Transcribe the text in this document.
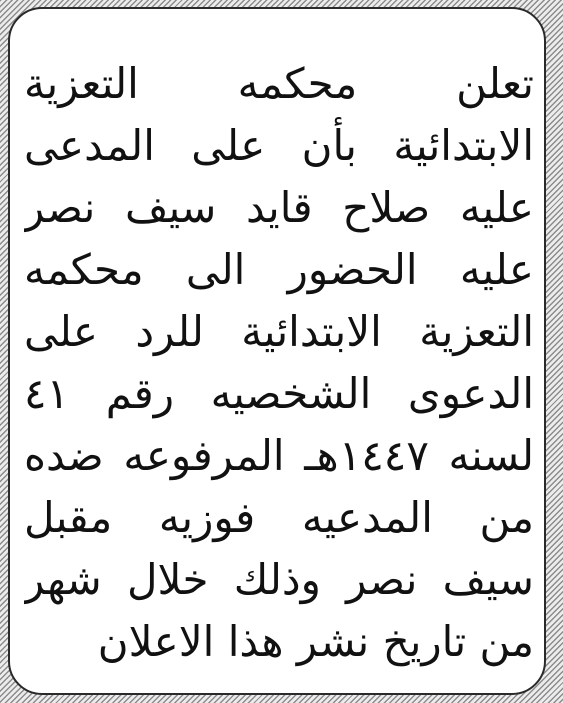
تعلن محكمه التعزية
الابتدائية بأن على المدعى
عليه صلاح قايد سيف نصر
عليه الحضور الى محكمه
التعزية الابتدائية للرد على
الدعوى الشخصيه رقم ٤١
لسنه ١٤٤٧هـ المرفوعه ضده
من المدعيه فوزيه مقبل
سيف نصر وذلك خلال شهر
من تاريخ نشر هذا الاعلان
